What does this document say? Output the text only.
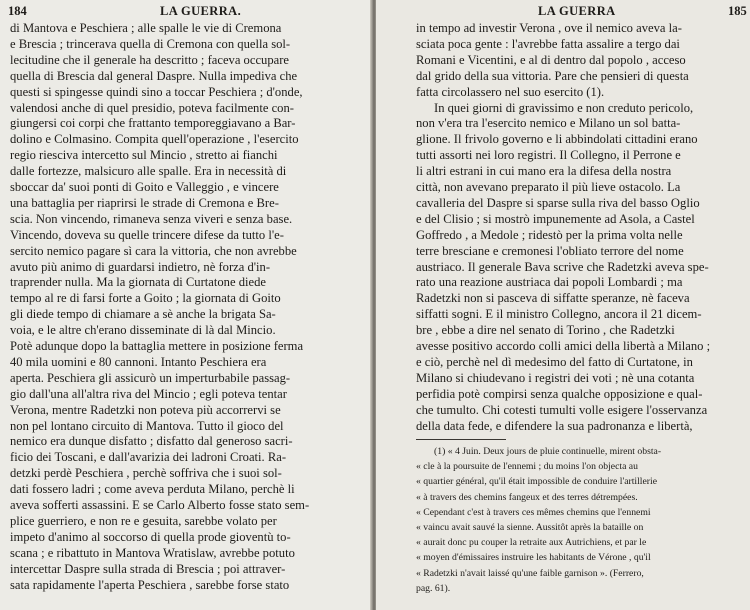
184	LA GUERRA.
di Mantova e Peschiera ; alle spalle le vie di Cremona
e Brescia ; trincerava quella di Cremona con quella sol-
lecitudine che il generale ha descritto ; faceva occupare
quella di Brescia dal general Daspre. Nulla impediva che
questi si spingesse quindi sino a toccar Peschiera ; d'onde,
valendosi anche di quel presidio, poteva facilmente con-
giungersi coi corpi che frattanto temporeggiavano a Bar-
dolino e Colmasino. Compita quell'operazione , l'esercito
regio riesciva intercetto sul Mincio , stretto ai fianchi
dalle fortezze, malsicuro alle spalle. Era in necessità di
sboccar da' suoi ponti di Goito e Valleggio , e vincere
una battaglia per riaprirsi le strade di Cremona e Bre-
scia. Non vincendo, rimaneva senza viveri e senza base.
Vincendo, doveva su quelle trincere difese da tutto l'e-
sercito nemico pagare sì cara la vittoria, che non avrebbe
avuto più animo di guardarsi indietro, nè forza d'in-
traprender nulla. Ma la giornata di Curtatone diede
tempo al re di farsi forte a Goito ; la giornata di Goito
gli diede tempo di chiamare a sè anche la brigata Sa-
voia, e le altre ch'erano disseminate di là dal Mincio.
Potè adunque dopo la battaglia mettere in posizione ferma
40 mila uomini e 80 cannoni. Intanto Peschiera era
aperta. Peschiera gli assicurò un imperturbabile passag-
gio dall'una all'altra riva del Mincio ; egli poteva tentar
Verona, mentre Radetzki non poteva più accorrervi se
non pel lontano circuito di Mantova. Tutto il gioco del
nemico era dunque disfatto ; disfatto dal generoso sacri-
ficio dei Toscani, e dall'avarizia dei ladroni Croati. Ra-
detzki perdè Peschiera , perchè soffriva che i suoi sol-
dati fossero ladri ; come aveva perduta Milano, perchè li
aveva sofferti assassini. E se Carlo Alberto fosse stato sem-
plice guerriero, e non re e gesuita, sarebbe volato per
impeto d'animo al soccorso di quella prode gioventù to-
scana ; e ribattuto in Mantova Wratislaw, avrebbe potuto
intercettar Daspre sulla strada di Brescia ; poi attraver-
sata rapidamente l'aperta Peschiera , sarebbe forse stato
LA GUERRA	185
in tempo ad investir Verona , ove il nemico aveva la-
sciata poca gente : l'avrebbe fatta assalire a tergo dai
Romani e Vicentini, e al di dentro dal popolo , acceso
dal grido della sua vittoria. Pare che pensieri di questa
fatta circolassero nel suo esercito (1).
In quei giorni di gravissimo e non creduto pericolo,
non v'era tra l'esercito nemico e Milano un sol batta-
glione. Il frivolo governo e li abbindolati cittadini erano
tutti assorti nei loro registri. Il Collegno, il Perrone e
li altri estrani in cui mano era la difesa della nostra
città, non avevano preparato il più lieve ostacolo. La
cavalleria del Daspre si sparse sulla riva del basso Oglio
e del Clisio ; si mostrò impunemente ad Asola, a Castel
Goffredo , a Medole ; ridestò per la prima volta nelle
terre bresciane e cremonesi l'obliato terrore del nome
austriaco. Il generale Bava scrive che Radetzki aveva spe-
rato una reazione austriaca dai popoli Lombardi ; ma
Radetzki non si pasceva di siffatte speranze, nè faceva
siffatti sogni. E il ministro Collegno, ancora il 21 dicem-
bre , ebbe a dire nel senato di Torino , che Radetzki
avesse positivo accordo colli amici della libertà a Milano ;
e ciò, perchè nel dì medesimo del fatto di Curtatone, in
Milano si chiudevano i registri dei voti ; nè una cotanta
perfidia potè compirsi senza qualche opposizione e qual-
che tumulto. Chi cotesti tumulti volle esigere l'osservanza
della data fede, e difendere la sua padronanza e libertà,
(1) « 4 Juin. Deux jours de pluie continuelle, mirent obsta-
« cle à la poursuite de l'ennemi ; du moins l'on objecta au
« quartier général, qu'il était impossible de conduire l'artillerie
« à travers des chemins fangeux et des terres détrempées.
« Cependant c'est à travers ces mêmes chemins que l'ennemi
« vaincu avait sauvé la sienne. Aussitôt après la bataille on
« aurait donc pu couper la retraite aux Autrichiens, et par le
« moyen d'émissaires instruire les habitants de Vérone , qu'il
« Radetzki n'avait laissé qu'une faible garnison ». (Ferrero,
pag. 61).
